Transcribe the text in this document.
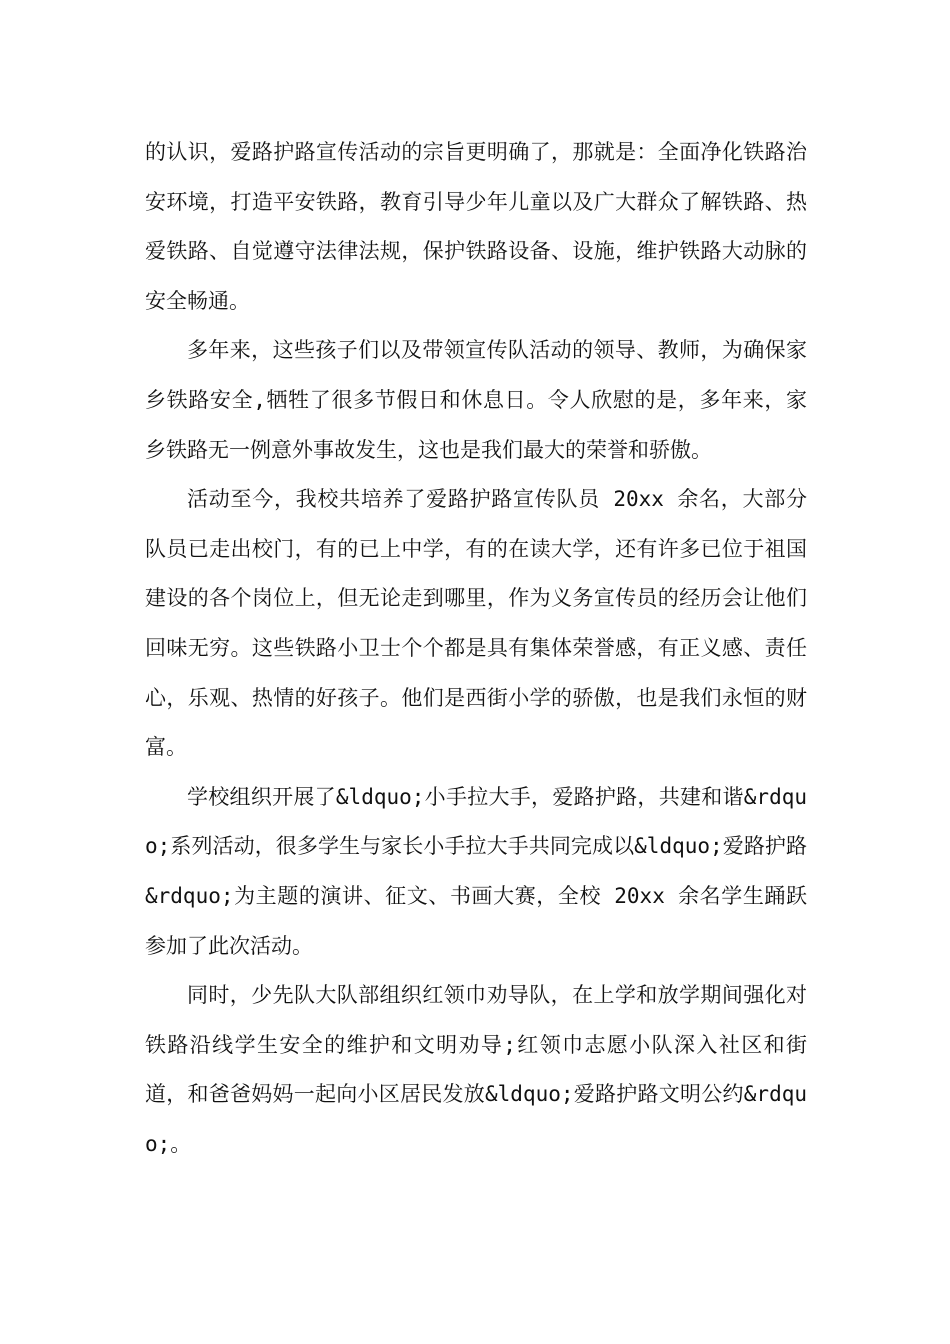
的认识，爱路护路宣传活动的宗旨更明确了，那就是：全面净化铁路治安环境，打造平安铁路，教育引导少年儿童以及广大群众了解铁路、热爱铁路、自觉遵守法律法规，保护铁路设备、设施，维护铁路大动脉的安全畅通。

多年来，这些孩子们以及带领宣传队活动的领导、教师，为确保家乡铁路安全,牺牲了很多节假日和休息日。令人欣慰的是，多年来，家乡铁路无一例意外事故发生，这也是我们最大的荣誉和骄傲。

活动至今，我校共培养了爱路护路宣传队员 20xx 余名，大部分队员已走出校门，有的已上中学，有的在读大学，还有许多已位于祖国建设的各个岗位上，但无论走到哪里，作为义务宣传员的经历会让他们回味无穷。这些铁路小卫士个个都是具有集体荣誉感，有正义感、责任心，乐观、热情的好孩子。他们是西街小学的骄傲，也是我们永恒的财富。

学校组织开展了&ldquo;小手拉大手，爱路护路，共建和谐&rdquo;系列活动，很多学生与家长小手拉大手共同完成以&ldquo;爱路护路&rdquo;为主题的演讲、征文、书画大赛，全校 20xx 余名学生踊跃参加了此次活动。

同时，少先队大队部组织红领巾劝导队，在上学和放学期间强化对铁路沿线学生安全的维护和文明劝导;红领巾志愿小队深入社区和街道，和爸爸妈妈一起向小区居民发放&ldquo;爱路护路文明公约&rdquo;。
